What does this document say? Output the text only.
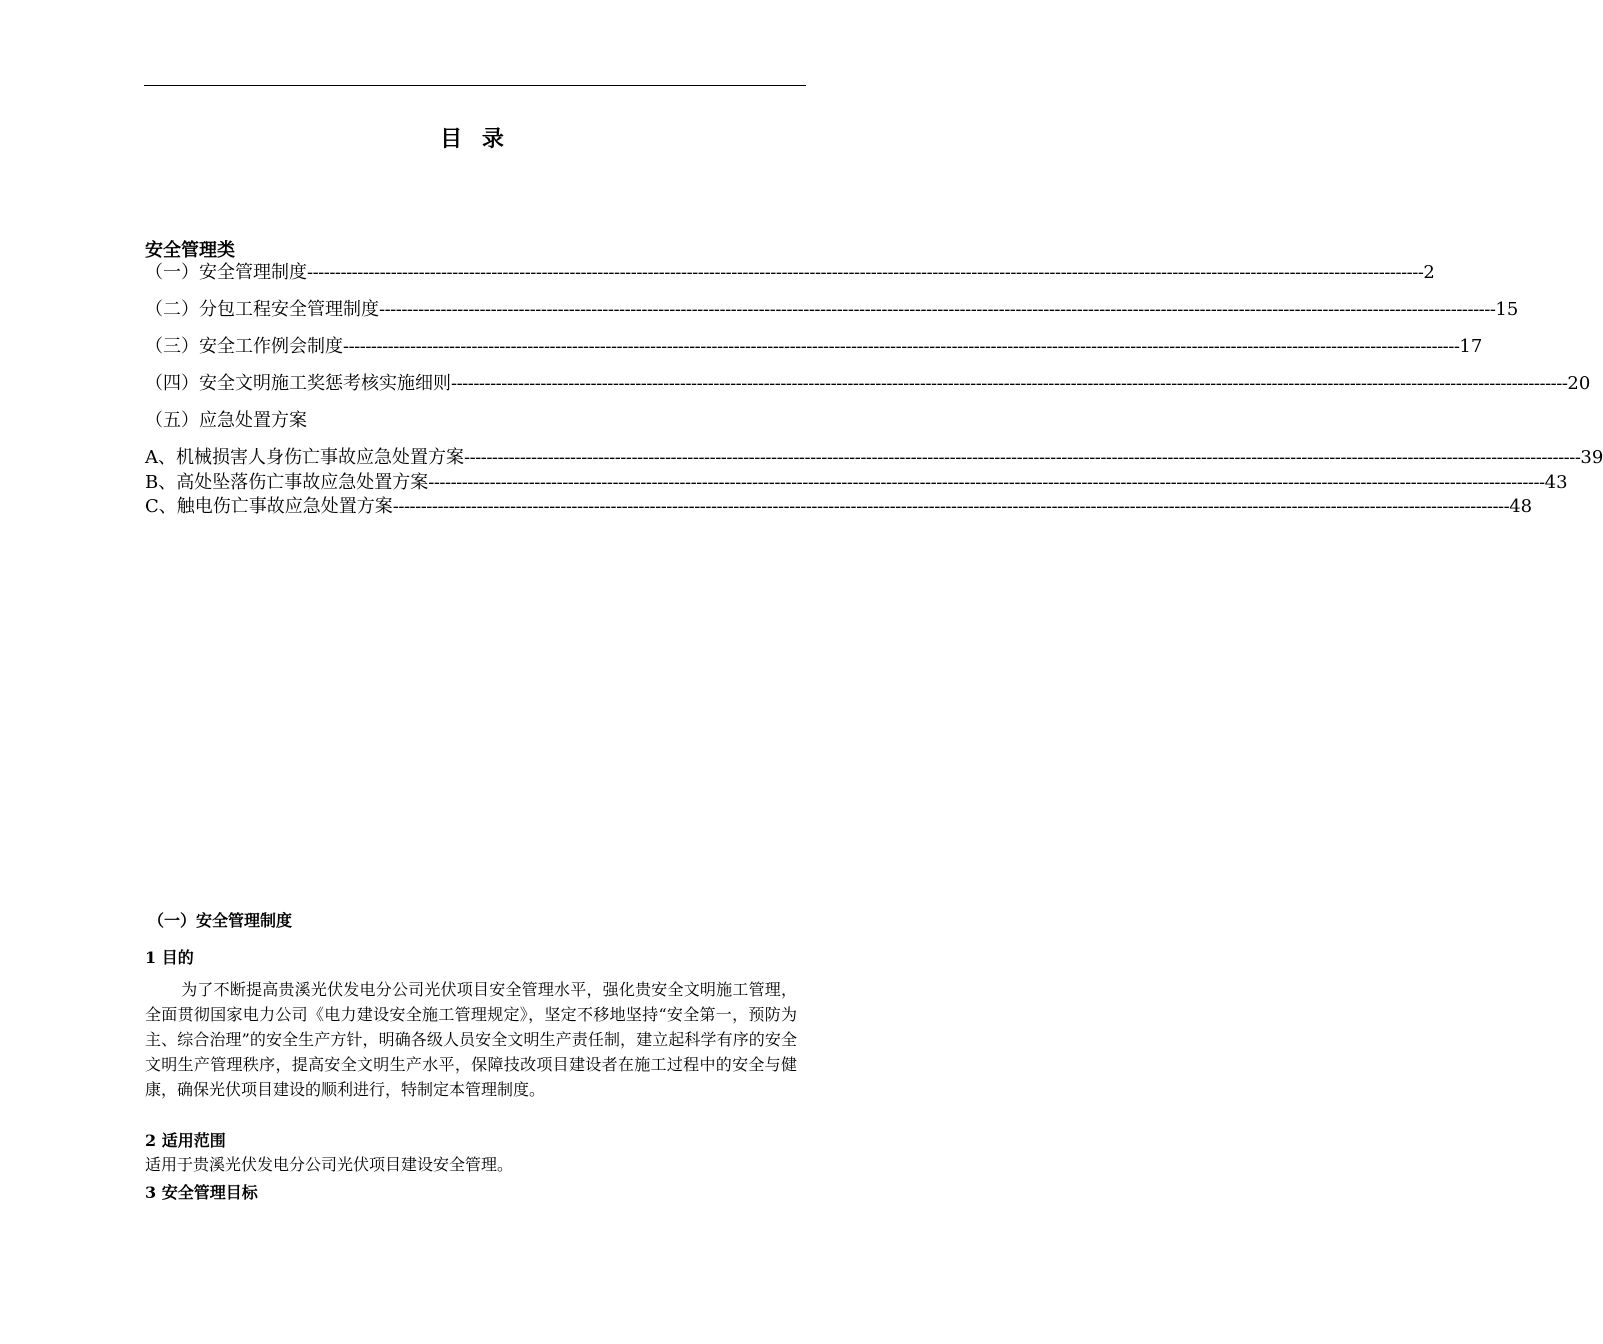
目 录
安全管理类
（一）安全管理制度 -------------------------------------------------------------------------------------------------------------------------------------------------------------------------------------------------------- 2
（二）分包工程安全管理制度 -------------------------------------------------------------------------------------------------------------------------------------------------------------------------------------------------------- 15
（三）安全工作例会制度 -------------------------------------------------------------------------------------------------------------------------------------------------------------------------------------------------------- 17
（四）安全文明施工奖惩考核实施细则 -------------------------------------------------------------------------------------------------------------------------------------------------------------------------------------------------------- 20
（五）应急处置方案
A、机械损害人身伤亡事故应急处置方案 -------------------------------------------------------------------------------------------------------------------------------------------------------------------------------------------------------- 39
B、高处坠落伤亡事故应急处置方案 -------------------------------------------------------------------------------------------------------------------------------------------------------------------------------------------------------- 43
C、触电伤亡事故应急处置方案 -------------------------------------------------------------------------------------------------------------------------------------------------------------------------------------------------------- 48
（一）安全管理制度
1 目的
为了不断提高贵溪光伏发电分公司光伏项目安全管理水平，强化贵安全文明施工管理，全面贯彻国家电力公司《电力建设安全施工管理规定》，坚定不移地坚持“安全第一，预防为主、综合治理”的安全生产方针，明确各级人员安全文明生产责任制，建立起科学有序的安全文明生产管理秩序，提高安全文明生产水平，保障技改项目建设者在施工过程中的安全与健康，确保光伏项目建设的顺利进行，特制定本管理制度。
2 适用范围
适用于贵溪光伏发电分公司光伏项目建设安全管理。
3 安全管理目标
